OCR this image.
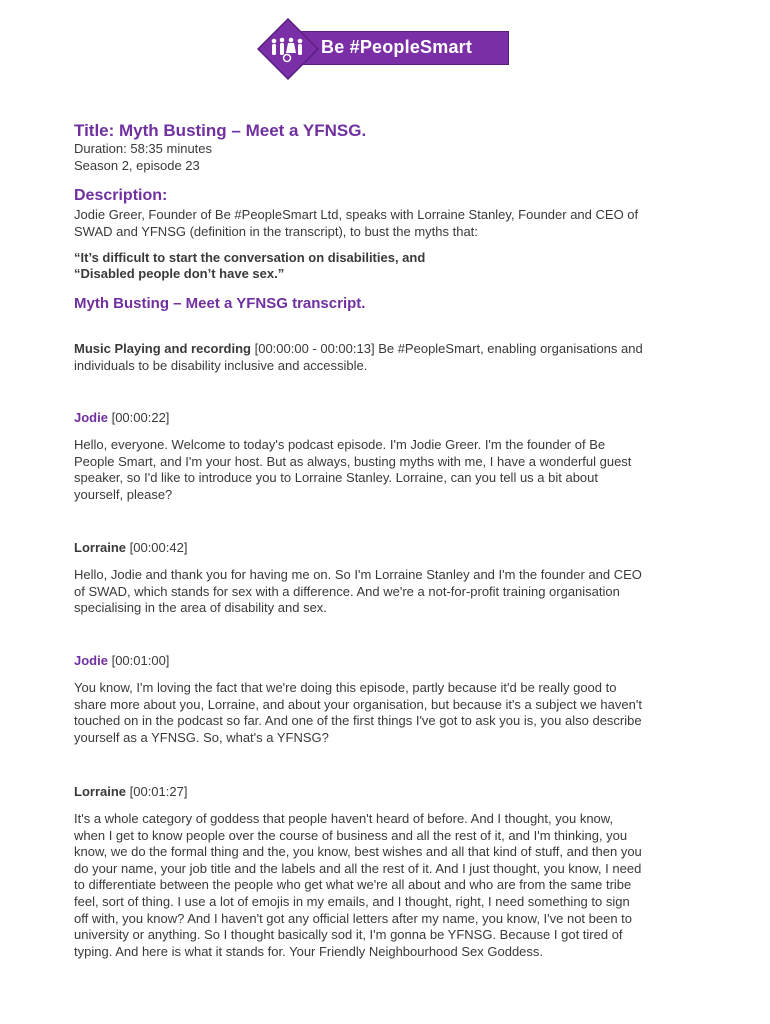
Be #PeopleSmart
Title: Myth Busting – Meet a YFNSG.
Duration: 58:35 minutes
Season 2, episode 23
Description:
Jodie Greer, Founder of Be #PeopleSmart Ltd, speaks with Lorraine Stanley, Founder and CEO of
SWAD and YFNSG (definition in the transcript), to bust the myths that:
“It’s difficult to start the conversation on disabilities, and
“Disabled people don’t have sex.”
Myth Busting – Meet a YFNSG transcript.
Music Playing and recording [00:00:00 - 00:00:13] Be #PeopleSmart, enabling organisations and
individuals to be disability inclusive and accessible.
Jodie [00:00:22]
Hello, everyone. Welcome to today's podcast episode. I'm Jodie Greer. I'm the founder of Be
People Smart, and I'm your host. But as always, busting myths with me, I have a wonderful guest
speaker, so I'd like to introduce you to Lorraine Stanley. Lorraine, can you tell us a bit about
yourself, please?
Lorraine [00:00:42]
Hello, Jodie and thank you for having me on. So I'm Lorraine Stanley and I'm the founder and CEO
of SWAD, which stands for sex with a difference. And we're a not-for-profit training organisation
specialising in the area of disability and sex.
Jodie [00:01:00]
You know, I'm loving the fact that we're doing this episode, partly because it'd be really good to
share more about you, Lorraine, and about your organisation, but because it's a subject we haven't
touched on in the podcast so far. And one of the first things I've got to ask you is, you also describe
yourself as a YFNSG. So, what's a YFNSG?
Lorraine [00:01:27]
It's a whole category of goddess that people haven't heard of before. And I thought, you know,
when I get to know people over the course of business and all the rest of it, and I'm thinking, you
know, we do the formal thing and the, you know, best wishes and all that kind of stuff, and then you
do your name, your job title and the labels and all the rest of it. And I just thought, you know, I need
to differentiate between the people who get what we're all about and who are from the same tribe
feel, sort of thing. I use a lot of emojis in my emails, and I thought, right, I need something to sign
off with, you know? And I haven't got any official letters after my name, you know, I've not been to
university or anything. So I thought basically sod it, I'm gonna be YFNSG. Because I got tired of
typing. And here is what it stands for. Your Friendly Neighbourhood Sex Goddess.
